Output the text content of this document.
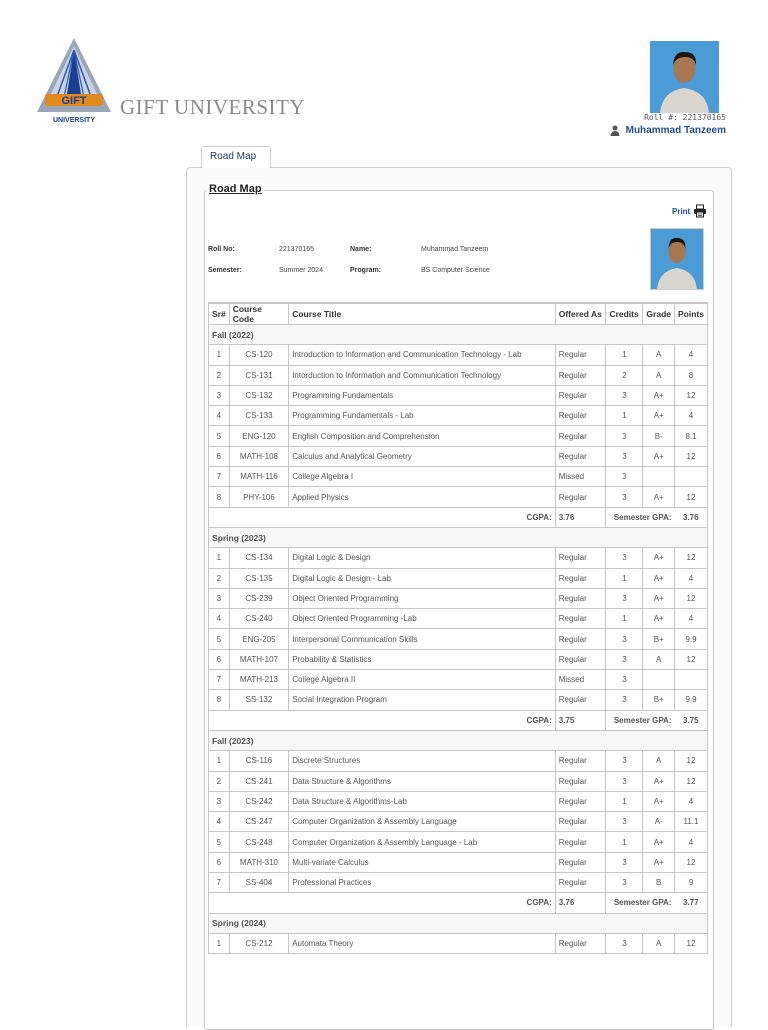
GIFT
UNIVERSITY
GIFT UNIVERSITY	Roll #: 221370165
Muhammad Tanzeem
Road Map
Road Map
Print
Roll No:	221370165	Name:	Muhammad Tanzeem
Semester:	Summer 2024	Program:	BS Computer Science
Sr#	Course Code	Course Title	Offered As	Credits	Grade	Points
Fall (2022)						
1	CS-120	Introduction to Information and Communication Technology - Lab	Regular	1	A	4
2	CS-131	Intorduction to Information and Communication Technology	Regular	2	A	8
3	CS-132	Programming Fundamentals	Regular	3	A+	12
4	CS-133	Programming Fundamentals - Lab	Regular	1	A+	4
5	ENG-120	English Composition and Comprehension	Regular	3	B-	8.1
6	MATH-108	Calculus and Analytical Geometry	Regular	3	A+	12
7	MATH-116	College Algebra I	Missed	3		
8	PHY-106	Applied Physics	Regular	3	A+	12
CGPA:			3.76	Semester GPA:		3.76
Spring (2023)						
1	CS-134	Digital Logic & Design	Regular	3	A+	12
2	CS-135	Digital Logic & Design - Lab	Regular	1	A+	4
3	CS-239	Object Oriented Programming	Regular	3	A+	12
4	CS-240	Object Oriented Programming -Lab	Regular	1	A+	4
5	ENG-205	Interpersonal Communication Skills	Regular	3	B+	9.9
6	MATH-107	Probability & Statistics	Regular	3	A	12
7	MATH-213	College Algebra II	Missed	3		
8	SS-132	Social Integration Program	Regular	3	B+	9.9
CGPA:			3.75	Semester GPA:		3.75
Fall (2023)						
1	CS-116	Discrete Structures	Regular	3	A	12
2	CS-241	Data Structure & Algorithms	Regular	3	A+	12
3	CS-242	Data Structure & Algorithms-Lab	Regular	1	A+	4
4	CS-247	Computer Organization & Assembly Language	Regular	3	A-	11.1
5	CS-248	Computer Organization & Assembly Language - Lab	Regular	1	A+	4
6	MATH-310	Multi-variate Calculus	Regular	3	A+	12
7	SS-404	Professional Practices	Regular	3	B	9
CGPA:			3.76	Semester GPA:		3.77
Spring (2024)						
1	CS-212	Automata Theory	Regular	3	A	12
